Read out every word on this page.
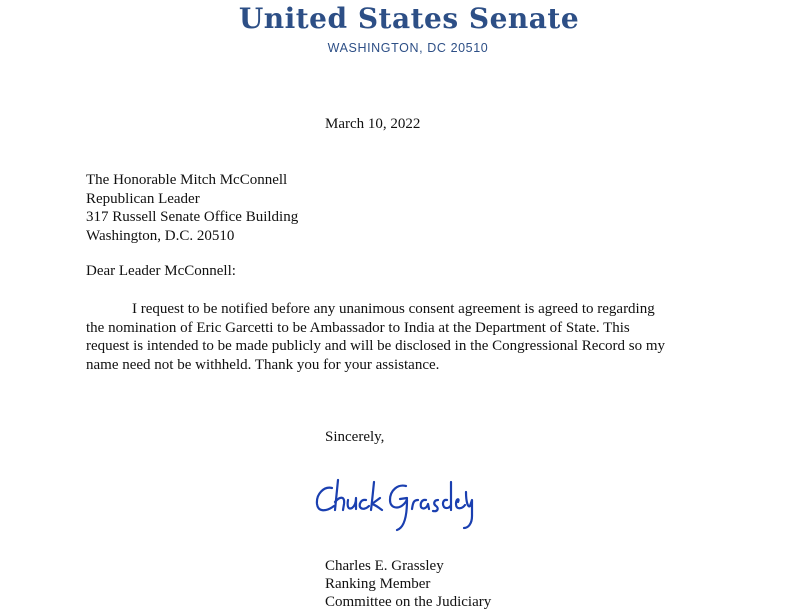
United States Senate
WASHINGTON, DC 20510
March 10, 2022
The Honorable Mitch McConnell
Republican Leader
317 Russell Senate Office Building
Washington, D.C. 20510
Dear Leader McConnell:
I request to be notified before any unanimous consent agreement is agreed to regarding
the nomination of Eric Garcetti to be Ambassador to India at the Department of State. This
request is intended to be made publicly and will be disclosed in the Congressional Record so my
name need not be withheld. Thank you for your assistance.
Sincerely,
Charles E. Grassley
Ranking Member
Committee on the Judiciary
